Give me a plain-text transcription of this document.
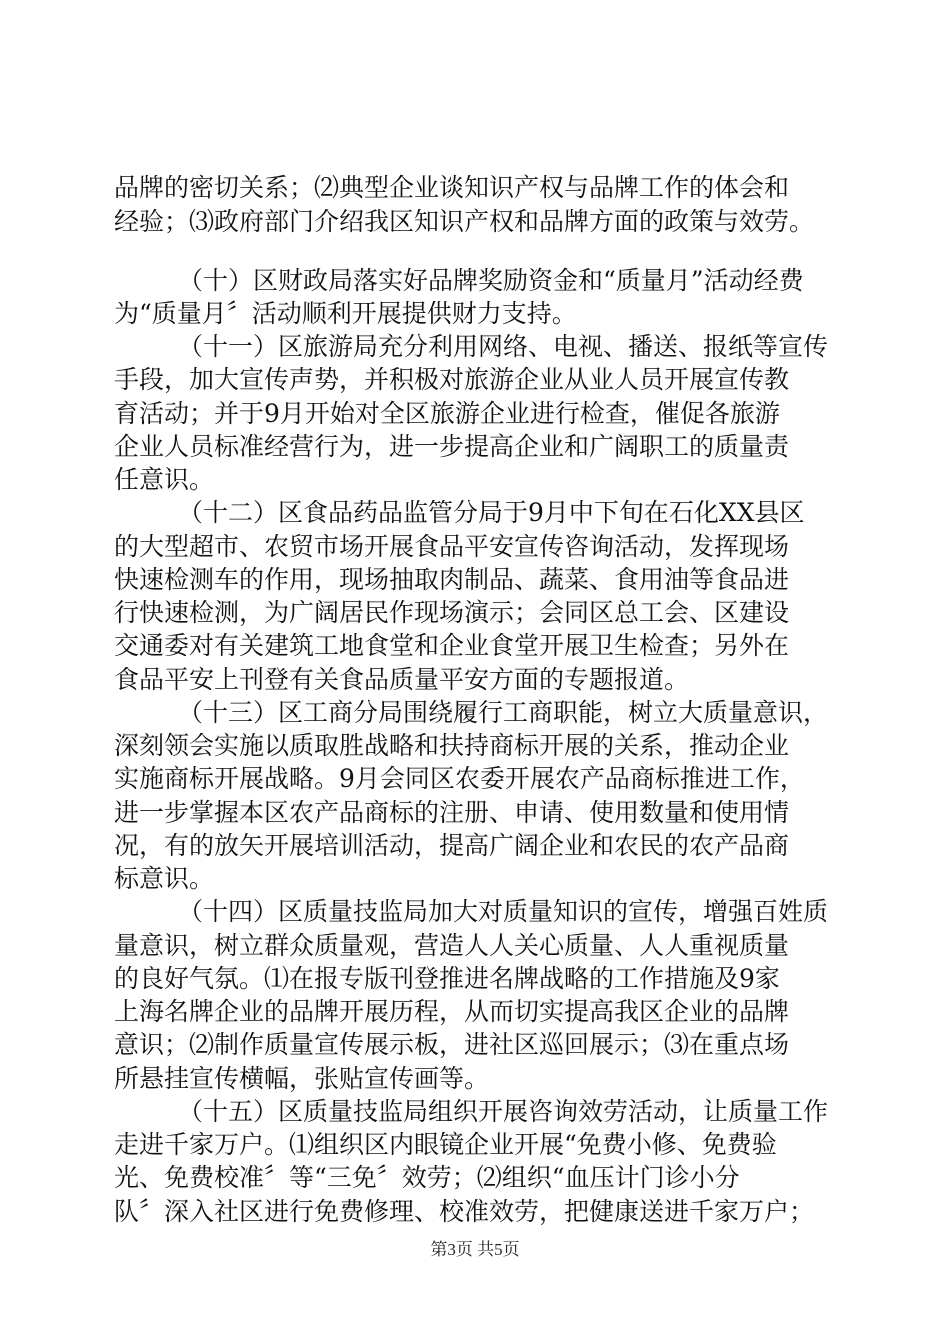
品牌的密切关系；⑵典型企业谈知识产权与品牌工作的体会和
经验；⑶政府部门介绍我区知识产权和品牌方面的政策与效劳。
（十）区财政局落实好品牌奖励资金和“质量月”活动经费
为“质量月〞活动顺利开展提供财力支持。
（十一）区旅游局充分利用网络、电视、播送、报纸等宣传
手段，加大宣传声势，并积极对旅游企业从业人员开展宣传教
育活动；并于9月开始对全区旅游企业进行检查，催促各旅游
企业人员标准经营行为，进一步提高企业和广阔职工的质量责
任意识。
（十二）区食品药品监管分局于9月中下旬在石化XX县区
的大型超市、农贸市场开展食品平安宣传咨询活动，发挥现场
快速检测车的作用，现场抽取肉制品、蔬菜、食用油等食品进
行快速检测，为广阔居民作现场演示；会同区总工会、区建设
交通委对有关建筑工地食堂和企业食堂开展卫生检查；另外在
食品平安上刊登有关食品质量平安方面的专题报道。
（十三）区工商分局围绕履行工商职能，树立大质量意识，
深刻领会实施以质取胜战略和扶持商标开展的关系，推动企业
实施商标开展战略。9月会同区农委开展农产品商标推进工作，
进一步掌握本区农产品商标的注册、申请、使用数量和使用情
况，有的放矢开展培训活动，提高广阔企业和农民的农产品商
标意识。
（十四）区质量技监局加大对质量知识的宣传，增强百姓质
量意识，树立群众质量观，营造人人关心质量、人人重视质量
的良好气氛。⑴在报专版刊登推进名牌战略的工作措施及9家
上海名牌企业的品牌开展历程，从而切实提高我区企业的品牌
意识；⑵制作质量宣传展示板，进社区巡回展示；⑶在重点场
所悬挂宣传横幅，张贴宣传画等。
（十五）区质量技监局组织开展咨询效劳活动，让质量工作
走进千家万户。⑴组织区内眼镜企业开展“免费小修、免费验
光、免费校准〞等“三免〞效劳；⑵组织“血压计门诊小分
队〞深入社区进行免费修理、校准效劳，把健康送进千家万户；
第3页 共5页
